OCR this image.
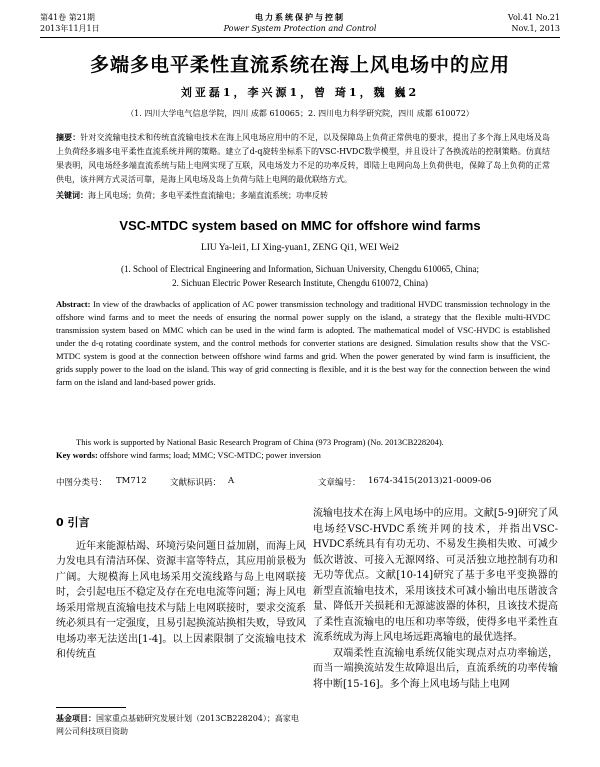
第41卷 第21期
2013年11月1日
电力系统保护与控制
Power System Protection and Control
Vol.41 No.21
Nov.1, 2013
多端多电平柔性直流系统在海上风电场中的应用
刘亚磊1，李兴源1，曾 琦1，魏 巍2
（1. 四川大学电气信息学院，四川 成都 610065；2. 四川电力科学研究院，四川 成都 610072）
摘要：针对交流输电技术和传统直流输电技术在海上风电场应用中的不足，以及保障岛上负荷正常供电的要求，提出了多个海上风电场及岛上负荷经多端多电平柔性直流系统并网的策略。建立了d-q旋转坐标系下的VSC-HVDC数学模型，并且设计了各换流站的控制策略。仿真结果表明，风电场经多端直流系统与陆上电网实现了互联，风电场发力不足的功率反转，即陆上电网向岛上负荷供电，保障了岛上负荷的正常供电，该并网方式灵活可靠，是海上风电场及岛上负荷与陆上电网的最优联络方式。
关键词：海上风电场；负荷；多电平柔性直流输电；多端直流系统；功率反转
VSC-MTDC system based on MMC for offshore wind farms
LIU Ya-lei1, LI Xing-yuan1, ZENG Qi1, WEI Wei2
(1. School of Electrical Engineering and Information, Sichuan University, Chengdu 610065, China;
2. Sichuan Electric Power Research Institute, Chengdu 610072, China)
Abstract: In view of the drawbacks of application of AC power transmission technology and traditional HVDC transmission technology in the offshore wind farms and to meet the needs of ensuring the normal power supply on the island, a strategy that the flexible multi-HVDC transmission system based on MMC which can be used in the wind farm is adopted. The mathematical model of VSC-HVDC is established under the d-q rotating coordinate system, and the control methods for converter stations are designed. Simulation results show that the VSC-MTDC system is good at the connection between offshore wind farms and grid. When the power generated by wind farm is insufficient, the grids supply power to the load on the island. This way of grid connecting is flexible, and it is the best way for the connection between the wind farm on the island and land-based power grids.
This work is supported by National Basic Research Program of China (973 Program) (No. 2013CB228204).
Key words: offshore wind farms; load; MMC; VSC-MTDC; power inversion
中图分类号： TM712	文献标识码： A	文章编号： 1674-3415(2013)21-0009-06
0 引言

近年来能源枯竭、环境污染问题日益加剧，而海上风力发电具有清洁环保、资源丰富等特点，其应用前景极为广阔。大规模海上风电场采用交流线路与岛上电网联接时，会引起电压不稳定及存在充电电流等问题；海上风电场采用常规直流输电技术与陆上电网联接时，要求交流系统必须具有一定强度，且易引起换流站换相失败，导致风电场功率无法送出[1-4]。以上因素限制了交流输电技术和传统直

流输电技术在海上风电场中的应用。文献[5-9]研究了风电场经VSC-HVDC系统并网的技术，并指出VSC-HVDC系统具有有功无功、不易发生换相失败、可减少低次谐波、可接入无源网络、可灵活独立地控制有功和无功等优点。文献[10-14]研究了基于多电平变换器的新型直流输电技术，采用该技术可减小输出电压谐波含量、降低开关损耗和无源滤波器的体积，且该技术提高了柔性直流输电的电压和功率等级，使得多电平柔性直流系统成为海上风电场远距离输电的最优选择。

双端柔性直流输电系统仅能实现点对点功率输送，而当一端换流站发生故障退出后，直流系统的功率传输将中断[15-16]。多个海上风电场与陆上电网

基金项目：国家重点基础研究发展计划（2013CB228204）；高家电网公司科技项目资助
